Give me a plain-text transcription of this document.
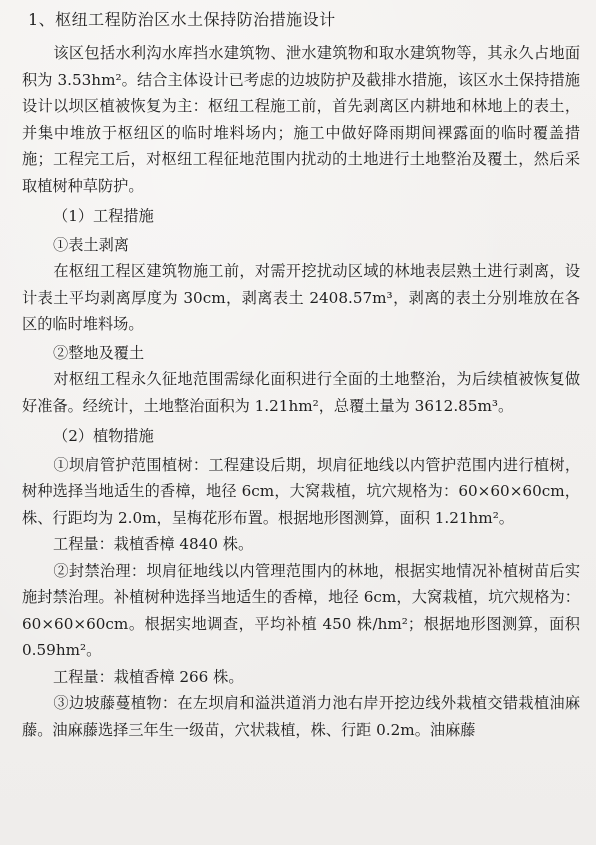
1、枢纽工程防治区水土保持防治措施设计

该区包括水利沟水库挡水建筑物、泄水建筑物和取水建筑物等，其永久占地面积为 3.53hm²。结合主体设计已考虑的边坡防护及截排水措施，该区水土保持措施设计以坝区植被恢复为主：枢纽工程施工前，首先剥离区内耕地和林地上的表土，并集中堆放于枢纽区的临时堆料场内；施工中做好降雨期间裸露面的临时覆盖措施；工程完工后，对枢纽工程征地范围内扰动的土地进行土地整治及覆土，然后采取植树种草防护。

（1）工程措施
①表土剥离

在枢纽工程区建筑物施工前，对需开挖扰动区域的林地表层熟土进行剥离，设计表土平均剥离厚度为 30cm，剥离表土 2408.57m³，剥离的表土分别堆放在各区的临时堆料场。

②整地及覆土

对枢纽工程永久征地范围需绿化面积进行全面的土地整治，为后续植被恢复做好准备。经统计，土地整治面积为 1.21hm²，总覆土量为 3612.85m³。

（2）植物措施

①坝肩管护范围植树：工程建设后期，坝肩征地线以内管护范围内进行植树，树种选择当地适生的香樟，地径 6cm，大窝栽植，坑穴规格为：60×60×60cm，株、行距均为 2.0m，呈梅花形布置。根据地形图测算，面积 1.21hm²。

工程量：栽植香樟 4840 株。

②封禁治理：坝肩征地线以内管理范围内的林地，根据实地情况补植树苗后实施封禁治理。补植树种选择当地适生的香樟，地径 6cm，大窝栽植，坑穴规格为：60×60×60cm。根据实地调查，平均补植 450 株/hm²；根据地形图测算，面积 0.59hm²。

工程量：栽植香樟 266 株。

③边坡藤蔓植物：在左坝肩和溢洪道消力池右岸开挖边线外栽植交错栽植油麻藤。油麻藤选择三年生一级苗，穴状栽植，株、行距 0.2m。油麻藤
